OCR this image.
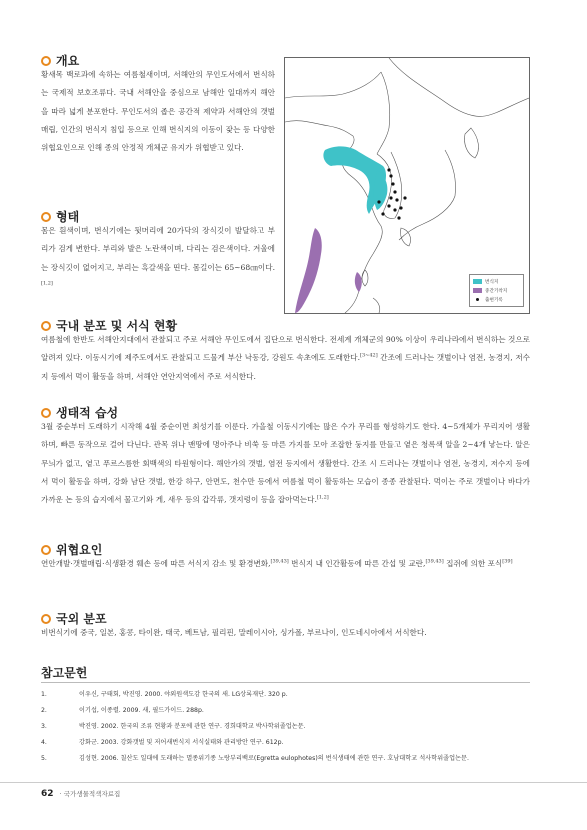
개요
황새목 백로과에 속하는 여름철새이며, 서해안의 무인도서에서 번식하는 국제적 보호조류다. 국내 서해안을 중심으로 남해안 일대까지 해안을 따라 넓게 분포한다. 무인도서의 좁은 공간적 제약과 서해안의 갯벌 매립, 인간의 번식지 침입 등으로 인해 번식지의 이동이 잦는 등 다양한 위협요인으로 인해 종의 안정적 개체군 유지가 위협받고 있다.
형태
몸은 흰색이며, 번식기에는 뒷머리에 20가닥의 장식깃이 발달하고 부리가 검게 변한다. 부리와 발은 노란색이며, 다리는 검은색이다. 겨울에는 장식깃이 없어지고, 부리는 흑갈색을 띤다. 몸길이는 65~68㎝이다.[1,2]	번식지
중간기착지
출현기록
국내 분포 및 서식 현황
여름철에 한반도 서해안지대에서 관찰되고 주로 서해안 무인도에서 집단으로 번식한다. 전세계 개체군의 90% 이상이 우리나라에서 번식하는 것으로 알려져 있다. 이동시기에 제주도에서도 관찰되고 드물게 부산 낙동강, 강원도 속초에도 도래한다.[3~42] 간조에 드러나는 갯벌이나 염전, 농경지, 저수지 등에서 먹이 활동을 하며, 서해안 연안지역에서 주로 서식한다.
생태적 습성
3월 중순부터 도래하기 시작해 4월 중순이면 최성기를 이룬다. 가을철 이동시기에는 많은 수가 무리를 형성하기도 한다. 4~5개체가 무리지어 생활하며, 빠른 동작으로 걸어 다닌다. 관목 위나 맨땅에 명아주나 비쑥 등 마른 가지를 모아 조잡한 둥지를 만들고 옅은 청록색 알을 2~4개 낳는다. 알은 무늬가 없고, 옅고 푸르스름한 회백색의 타원형이다. 해안가의 갯벌, 염전 등지에서 생활한다. 간조 시 드러나는 갯벌이나 염전, 농경지, 저수지 등에서 먹이 활동을 하며, 강화 남단 갯벌, 한강 하구, 안면도, 천수만 등에서 여름철 먹이 활동하는 모습이 종종 관찰된다. 먹이는 주로 갯벌이나 바다가 가까운 논 등의 습지에서 물고기와 게, 새우 등의 갑각류, 갯지렁이 등을 잡아먹는다.[1,2]
위협요인
연안개발·갯벌매립·식생환경 훼손 등에 따른 서식지 감소 및 환경변화,[39,43] 번식지 내 인간활동에 따른 간섭 및 교란,[39,43] 집쥐에 의한 포식[39]
국외 분포
비번식기에 중국, 일본, 홍콩, 타이완, 태국, 베트남, 필리핀, 말레이시아, 싱가폴, 부르나이, 인도네시아에서 서식한다.
참고문헌
1.	이우신, 구태회, 박진영. 2000. 야외원색도감 한국의 새. LG상록재단. 320 p.
2.	이기섭, 이종렬. 2009. 새, 필드가이드. 288p.
3.	박진영. 2002. 한국의 조류 현황과 분포에 관한 연구. 경희대학교 박사학위졸업논문.
4.	강화군. 2003. 강화갯벌 및 저어새번식지 서식실태와 관리방안 연구. 612p.
5.	김성현. 2006. 칠산도 일대에 도래하는 멸종위기종 노랑부리백로(Egretta eulophotes)의 번식생태에 관한 연구. 호남대학교 석사학위졸업논문.
62 · 국가생물적색자료집
